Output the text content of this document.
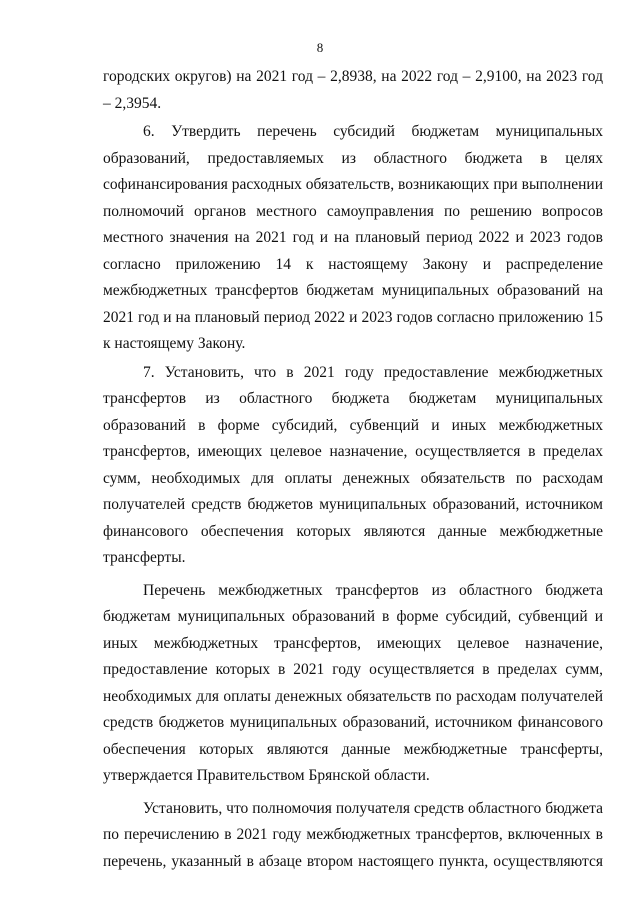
8

городских округов) на 2021 год – 2,8938, на 2022 год – 2,9100, на 2023 год – 2,3954.

6. Утвердить перечень субсидий бюджетам муниципальных образований, предоставляемых из областного бюджета в целях софинансирования расходных обязательств, возникающих при выполнении полномочий органов местного самоуправления по решению вопросов местного значения на 2021 год и на плановый период 2022 и 2023 годов согласно приложению 14 к настоящему Закону и распределение межбюджетных трансфертов бюджетам муниципальных образований на 2021 год и на плановый период 2022 и 2023 годов согласно приложению 15 к настоящему Закону.

7. Установить, что в 2021 году предоставление межбюджетных трансфертов из областного бюджета бюджетам муниципальных образований в форме субсидий, субвенций и иных межбюджетных трансфертов, имеющих целевое назначение, осуществляется в пределах сумм, необходимых для оплаты денежных обязательств по расходам получателей средств бюджетов муниципальных образований, источником финансового обеспечения которых являются данные межбюджетные трансферты.

Перечень межбюджетных трансфертов из областного бюджета бюджетам муниципальных образований в форме субсидий, субвенций и иных межбюджетных трансфертов, имеющих целевое назначение, предоставление которых в 2021 году осуществляется в пределах сумм, необходимых для оплаты денежных обязательств по расходам получателей средств бюджетов муниципальных образований, источником финансового обеспечения которых являются данные межбюджетные трансферты, утверждается Правительством Брянской области.

Установить, что полномочия получателя средств областного бюджета по перечислению в 2021 году межбюджетных трансфертов, включенных в перечень, указанный в абзаце втором настоящего пункта, осуществляются
